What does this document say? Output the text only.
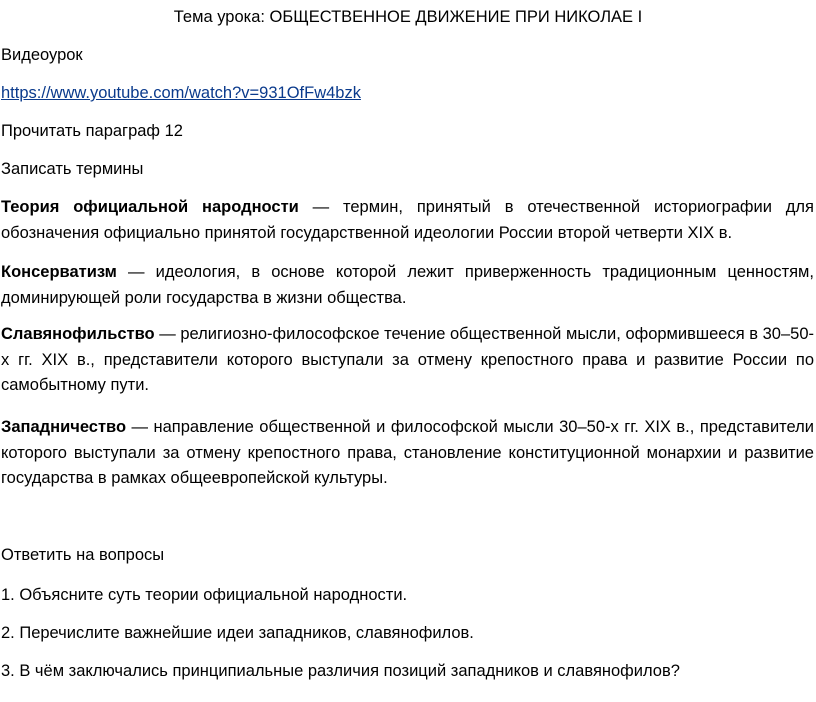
Тема урока: ОБЩЕСТВЕННОЕ ДВИЖЕНИЕ ПРИ НИКОЛАЕ I
Видеоурок
https://www.youtube.com/watch?v=931OfFw4bzk
Прочитать параграф 12
Записать термины
Теория официальной народности — термин, принятый в отечественной историографии для обозначения официально принятой государственной идеологии России второй четверти XIX в.
Консерватизм — идеология, в основе которой лежит приверженность традиционным ценностям, доминирующей роли государства в жизни общества.
Славянофильство — религиозно-философское течение общественной мысли, оформившееся в 30–50-х гг. XIX в., представители которого выступали за отмену крепостного права и развитие России по самобытному пути.
Западничество — направление общественной и философской мысли 30–50-х гг. XIX в., представители которого выступали за отмену крепостного права, становление конституционной монархии и развитие государства в рамках общеевропейской культуры.
Ответить на вопросы
1. Объясните суть теории официальной народности.
2. Перечислите важнейшие идеи западников, славянофилов.
3. В чём заключались принципиальные различия позиций западников и славянофилов?
